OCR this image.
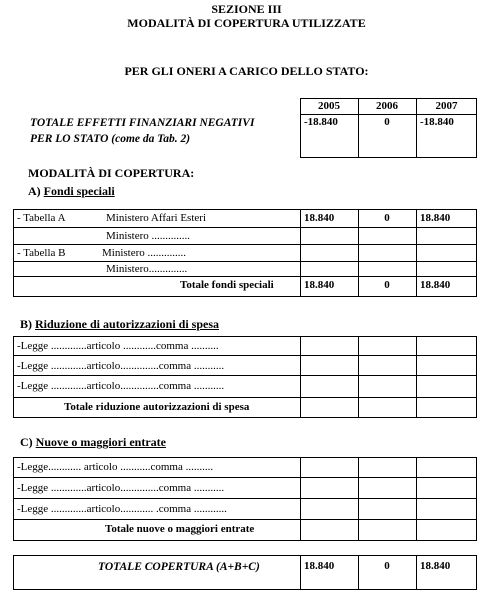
SEZIONE III
MODALITÀ DI COPERTURA UTILIZZATE
PER GLI ONERI A CARICO DELLO STATO:
2005	2006	2007
TOTALE EFFETTI FINANZIARI NEGATIVI
PER LO STATO (come da Tab. 2)
-18.840	0	-18.840
MODALITÀ DI COPERTURA:
A) Fondi speciali
- Tabella A	Ministero Affari Esteri	18.840	0	18.840
Ministero ..............
- Tabella B	Ministero ..............
Ministero..............
Totale fondi speciali	18.840	0	18.840
B) Riduzione di autorizzazioni di spesa
-Legge .............articolo ............comma ..........
-Legge .............articolo..............comma ...........
-Legge .............articolo..............comma ...........
Totale riduzione autorizzazioni di spesa
C) Nuove o maggiori entrate
-Legge............ articolo ...........comma ..........
-Legge .............articolo..............comma ...........
-Legge .............articolo............ .comma ............
Totale nuove o maggiori entrate
TOTALE COPERTURA (A+B+C)	18.840	0	18.840
